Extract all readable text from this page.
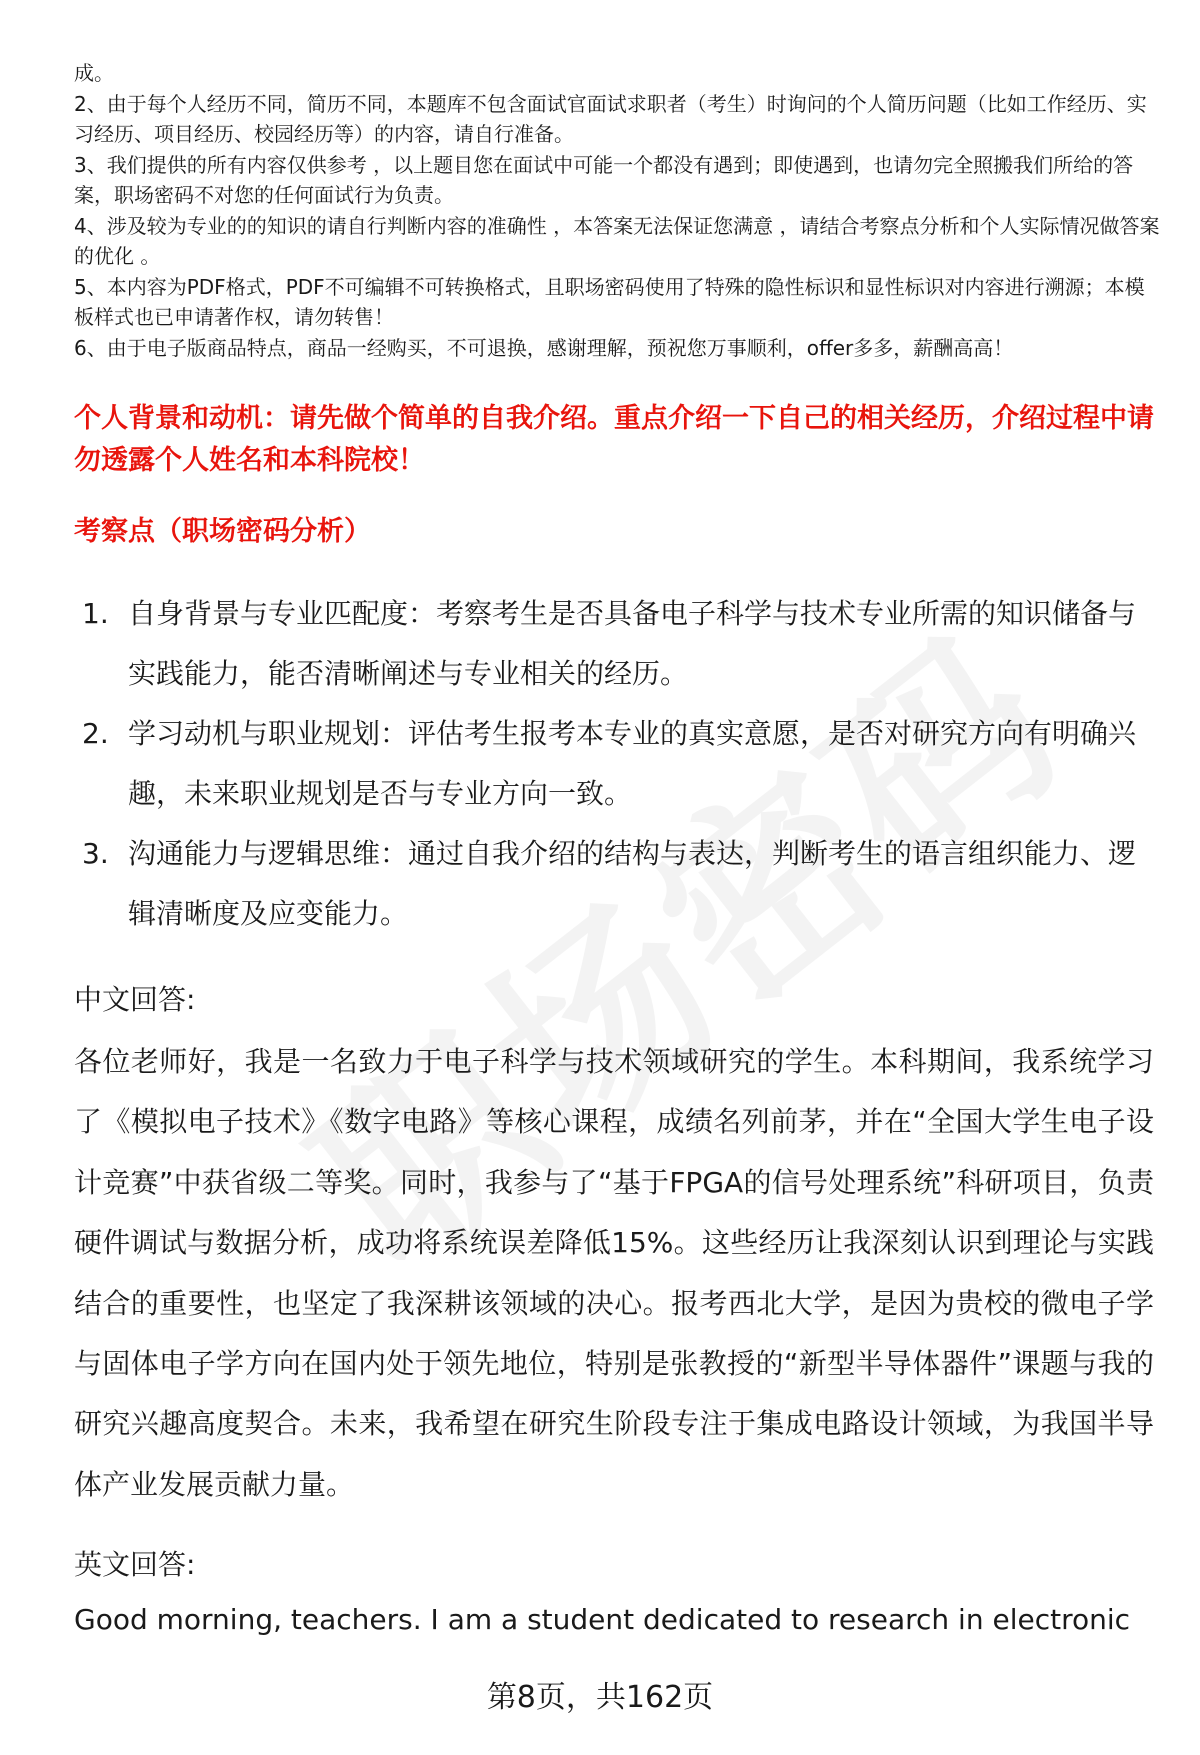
成。

2、由于每个人经历不同，简历不同，本题库不包含面试官面试求职者（考生）时询问的个人简历问题（比如工作经历、实习经历、项目经历、校园经历等）的内容，请自行准备。

3、我们提供的所有内容仅供参考 ，以上题目您在面试中可能一个都没有遇到；即使遇到，也请勿完全照搬我们所给的答案，职场密码不对您的任何面试行为负责。

4、涉及较为专业的的知识的请自行判断内容的准确性 ，本答案无法保证您满意 ，请结合考察点分析和个人实际情况做答案的优化 。

5、本内容为PDF格式，PDF不可编辑不可转换格式，且职场密码使用了特殊的隐性标识和显性标识对内容进行溯源；本模板样式也已申请著作权，请勿转售！

6、由于电子版商品特点，商品一经购买，不可退换，感谢理解，预祝您万事顺利，offer多多，薪酬高高！

个人背景和动机：请先做个简单的自我介绍。重点介绍一下自己的相关经历，介绍过程中请勿透露个人姓名和本科院校！
考察点（职场密码分析）
1. 自身背景与专业匹配度：考察考生是否具备电子科学与技术专业所需的知识储备与实践能力，能否清晰阐述与专业相关的经历。
2. 学习动机与职业规划：评估考生报考本专业的真实意愿，是否对研究方向有明确兴趣，未来职业规划是否与专业方向一致。
3. 沟通能力与逻辑思维：通过自我介绍的结构与表达，判断考生的语言组织能力、逻辑清晰度及应变能力。

中文回答:

各位老师好，我是一名致力于电子科学与技术领域研究的学生。本科期间，我系统学习了《模拟电子技术》《数字电路》等核心课程，成绩名列前茅，并在“全国大学生电子设计竞赛”中获省级二等奖。同时，我参与了“基于FPGA的信号处理系统”科研项目，负责硬件调试与数据分析，成功将系统误差降低15%。这些经历让我深刻认识到理论与实践结合的重要性，也坚定了我深耕该领域的决心。报考西北大学，是因为贵校的微电子学与固体电子学方向在国内处于领先地位，特别是张教授的“新型半导体器件”课题与我的研究兴趣高度契合。未来，我希望在研究生阶段专注于集成电路设计领域，为我国半导体产业发展贡献力量。

英文回答:

Good morning, teachers. I am a student dedicated to research in electronic

第8页，共162页
